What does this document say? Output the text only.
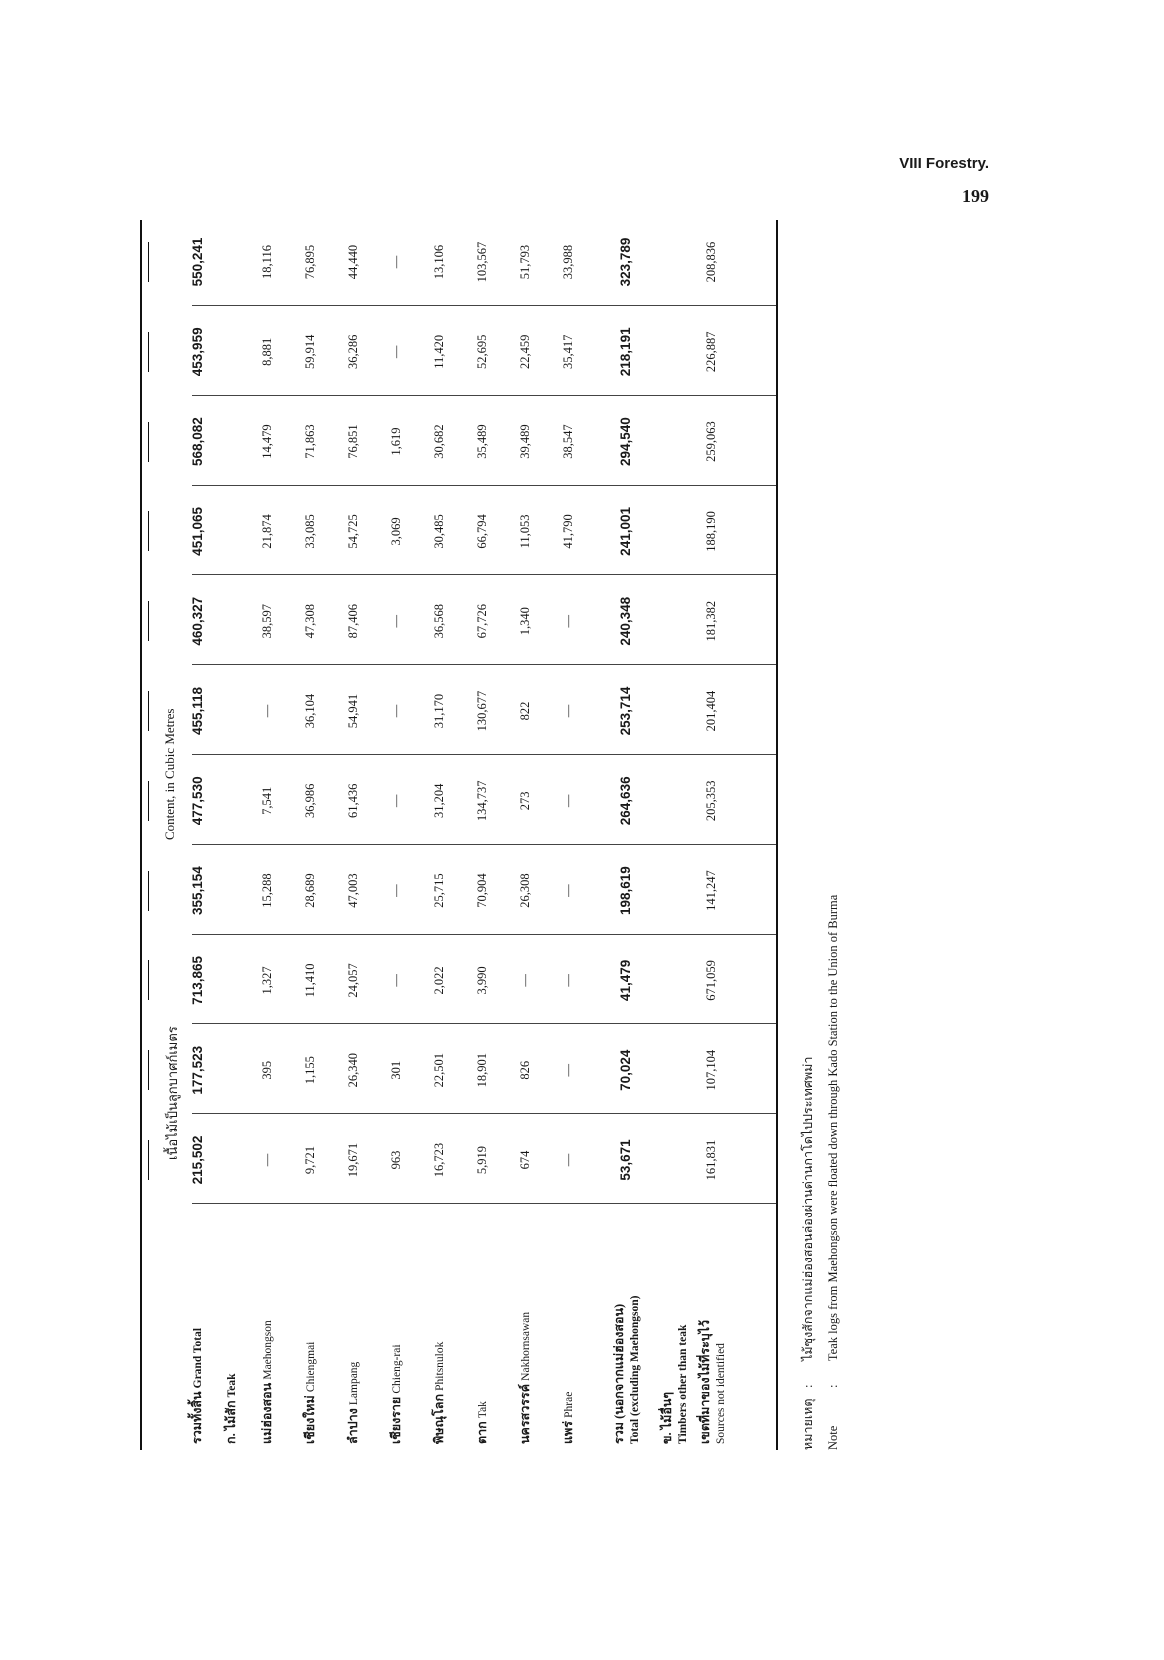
VIII Forestry.
199
เนื้อไม้เป็นลูกบาศก์เมตร
Content, in Cubic Metres
รวมทั้งสิ้น Grand Total
215,502
177,523
713,865
355,154
477,530
455,118
460,327
451,065
568,082
453,959
550,241
ก. ไม้สัก Teak แม่ฮ่องสอน Maehongson
—
395
1,327
15,288
7,541
—
38,597
21,874
14,479
8,881
18,116
เชียงใหม่ Chiengmai
9,721
1,155
11,410
28,689
36,986
36,104
47,308
33,085
71,863
59,914
76,895
ลำปาง Lampang
19,671
26,340
24,057
47,003
61,436
54,941
87,406
54,725
76,851
36,286
44,440
เชียงราย Chieng-rai
963
301
—
—
—
—
—
3,069
1,619
—
—
พิษณุโลก Phitsnulok
16,723
22,501
2,022
25,715
31,204
31,170
36,568
30,485
30,682
11,420
13,106
ตาก Tak
5,919
18,901
3,990
70,904
134,737
130,677
67,726
66,794
35,489
52,695
103,567
นครสวรรค์ Nakhornsawan
674
826
—
26,308
273
822
1,340
11,053
39,489
22,459
51,793
แพร่ Phrae
—
—
—
—
—
—
—
41,790
38,547
35,417
33,988
รวม (นอกจากแม่ฮ่องสอน) Total (excluding Maehongson)
53,671
70,024
41,479
198,619
264,636
253,714
240,348
241,001
294,540
218,191
323,789
ข. ไม้อื่นๆ Timbers other than teak เขตที่มาของไม้ที่ระบุไว้ Sources not identified
161,831
107,104
671,059
141,247
205,353
201,404
181,382
188,190
259,063
226,887
208,836
หมายเหตุ: ไม้ซุงสักจากแม่ฮ่องสอนล่องผ่านด่านกาโดไปประเทศพม่า
Note: Teak logs from Maehongson were floated down through Kado Station to the Union of Burma
